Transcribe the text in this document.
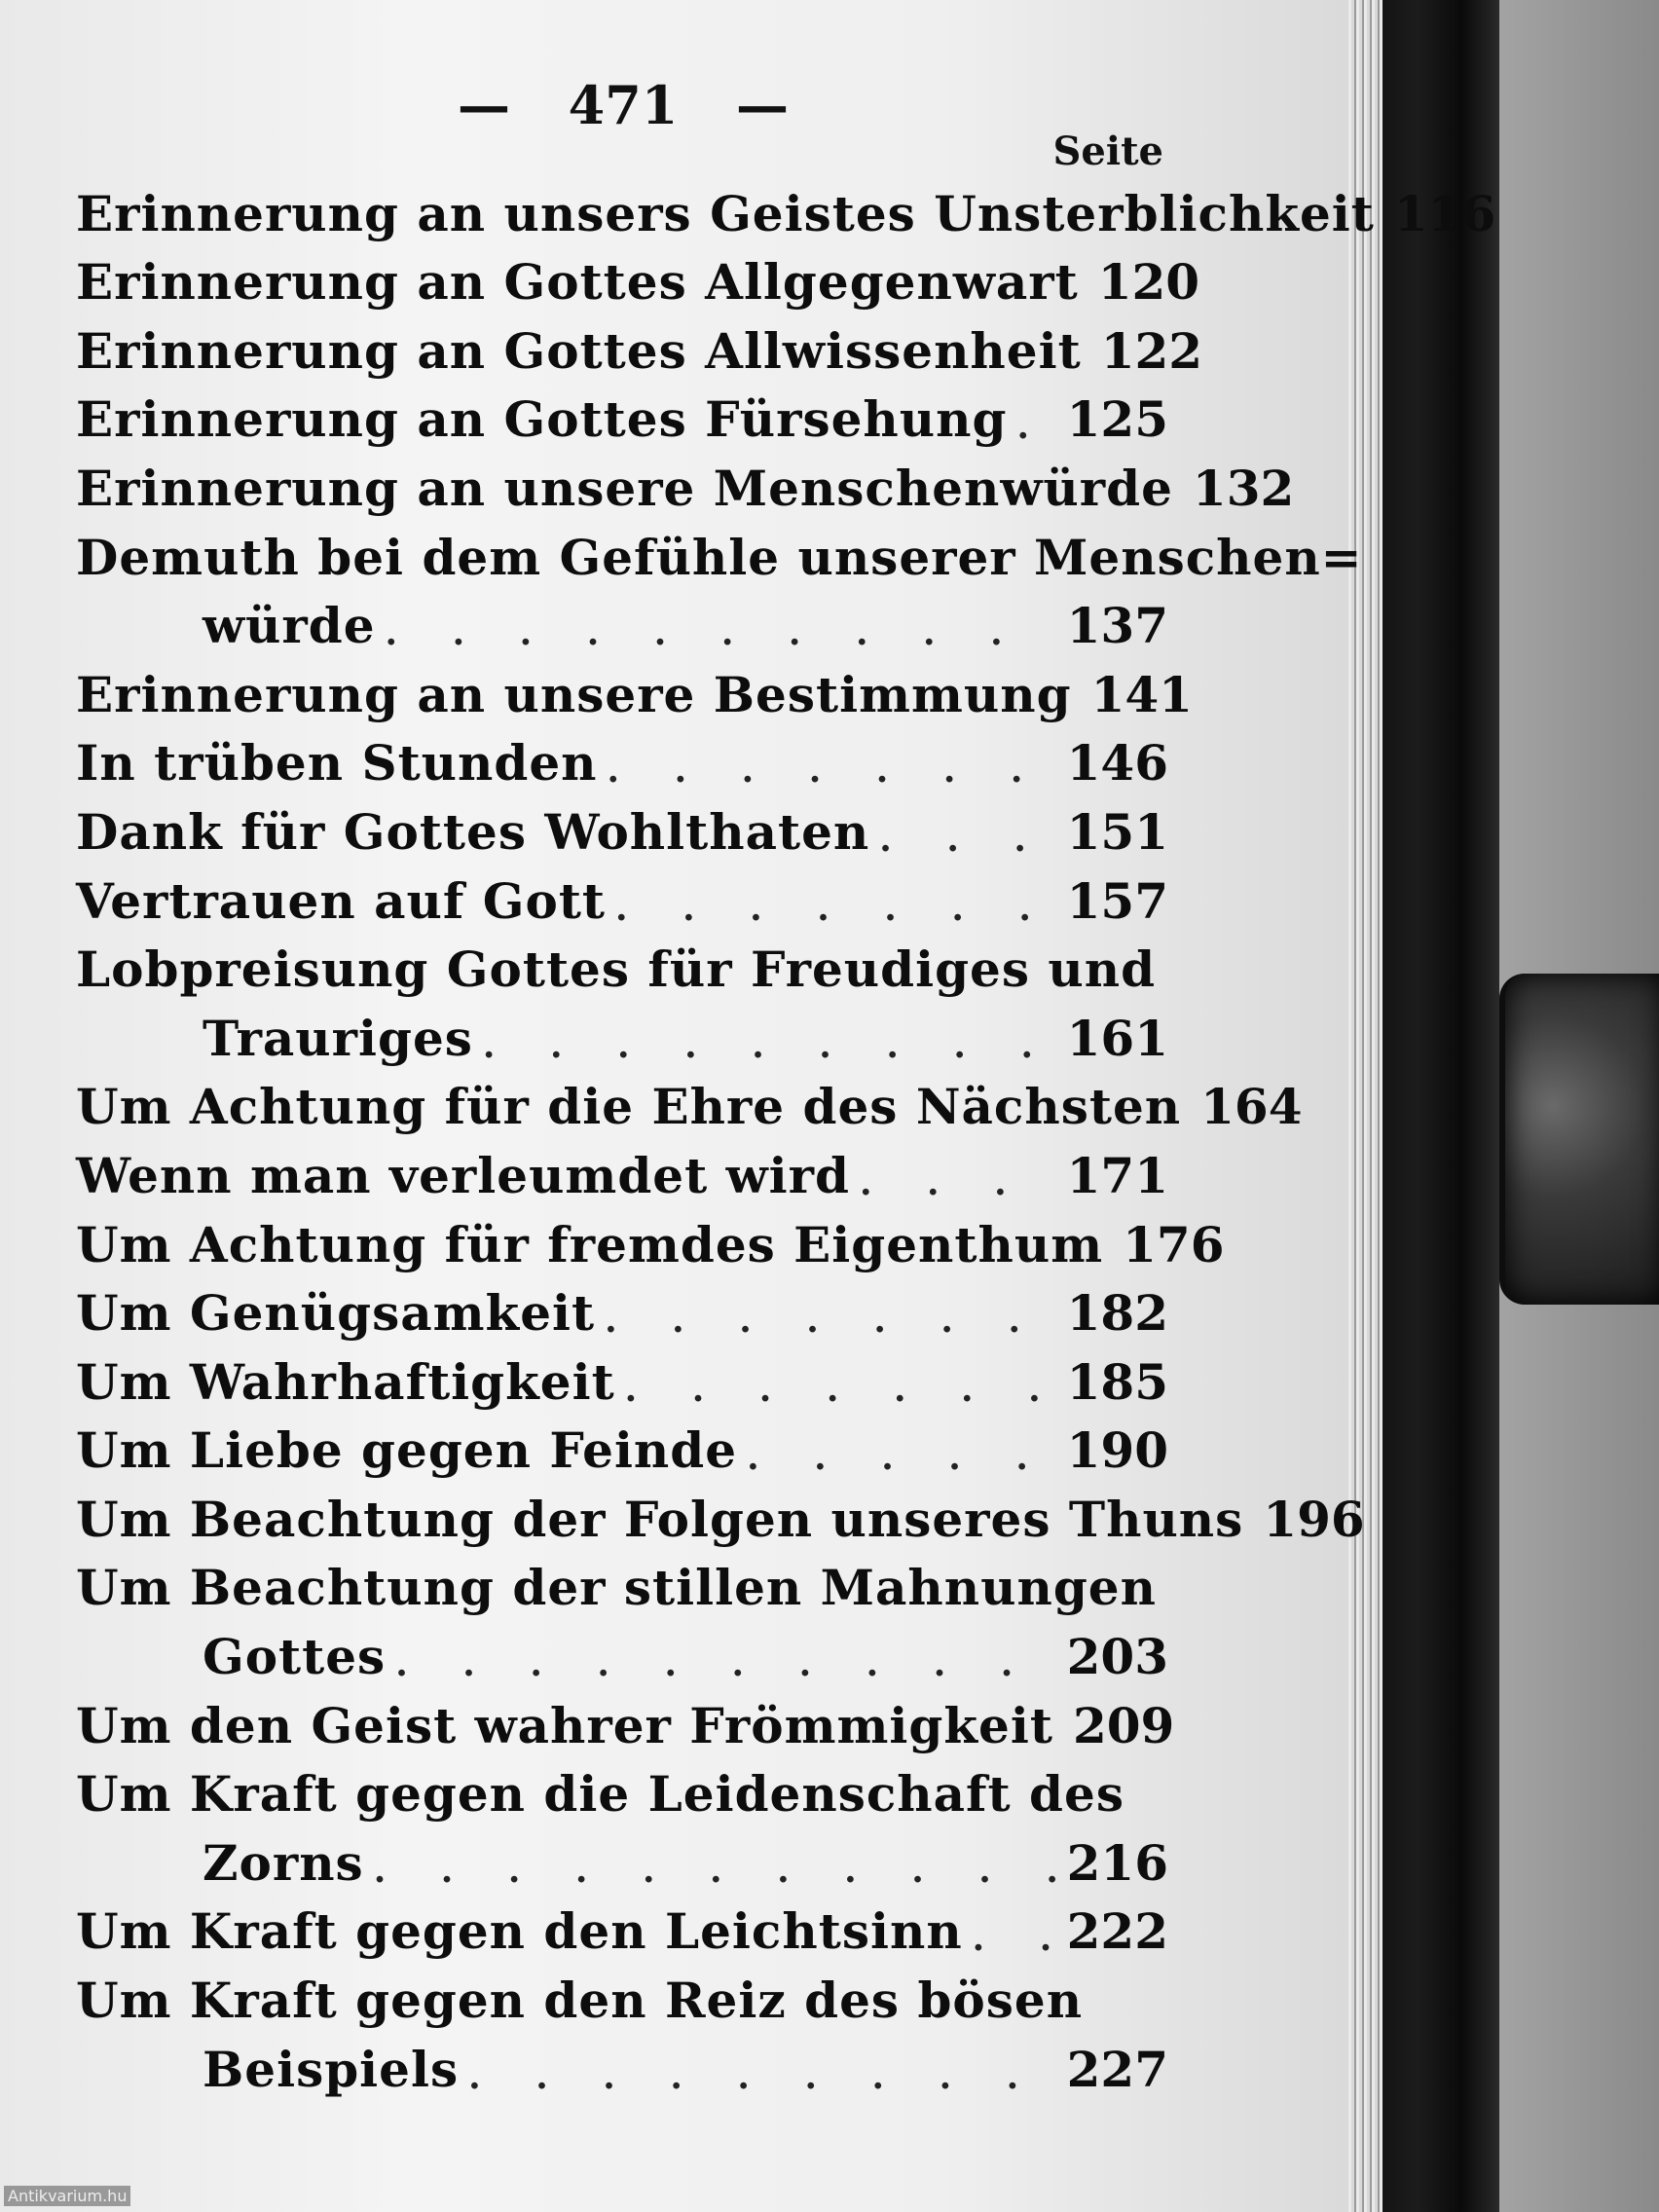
— 471 —
Seite
Erinnerung an unsers Geistes Unsterblichkeit 116
Erinnerung an Gottes Allgegenwart 120
Erinnerung an Gottes Allwissenheit 122
Erinnerung an Gottes Fürsehung . . . 125
Erinnerung an unsere Menschenwürde 132
Demuth bei dem Gefühle unserer Menschen=
würde . . .	137
Erinnerung an unsere Bestimmung 141
In trüben Stunden . . .	146
Dank für Gottes Wohlthaten . . .	151
Vertrauen auf Gott . . .	157
Lobpreisung Gottes für Freudiges und
Trauriges . . .	161
Um Achtung für die Ehre des Nächsten 164
Wenn man verleumdet wird . . .	171
Um Achtung für fremdes Eigenthum 176
Um Genügsamkeit . . .	182
Um Wahrhaftigkeit . . .	185
Um Liebe gegen Feinde . . .	190
Um Beachtung der Folgen unseres Thuns 196
Um Beachtung der stillen Mahnungen
Gottes . . .	203
Um den Geist wahrer Frömmigkeit 209
Um Kraft gegen die Leidenschaft des
Zorns . . .	216
Um Kraft gegen den Leichtsinn . . . 222
Um Kraft gegen den Reiz des bösen
Beispiels . . .	227
Antikvarium.hu
